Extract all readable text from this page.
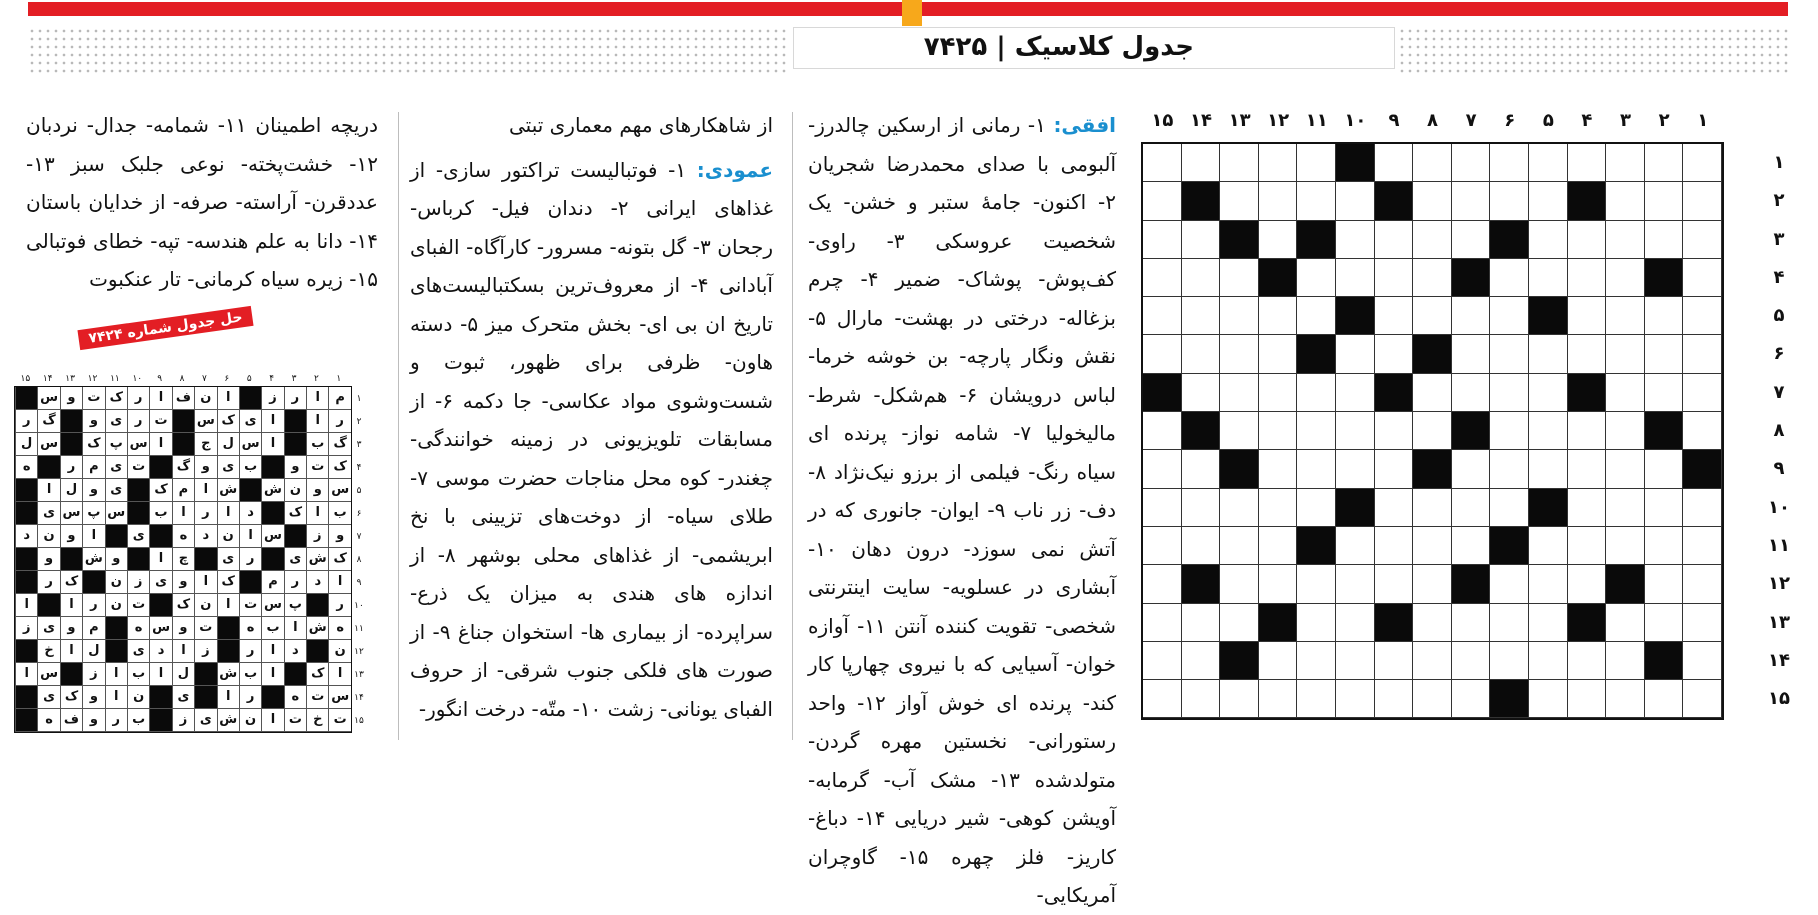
جدول کلاسیک | ۷۴۲۵
افقی: ۱- رمانی از ارسکین چالدرز- آلبومی با صدای محمدرضا شجریان ۲- اکنون- جامهٔ ستبر و خشن- یک شخصیت عروسکی ۳- راوی- کف‌پوش- پوشاک- ضمیر ۴- چرم بزغاله- درختی در بهشت- مارال ۵- نقش ونگار پارچه- بن خوشه خرما- لباس درویشان ۶- هم‌شکل- شرط- مالیخولیا ۷- شامه نواز- پرنده ای سیاه رنگ- فیلمی از برزو نیک‌نژاد ۸- دف- زر ناب ۹- ایوان- جانوری که در آتش نمی سوزد- درون دهان ۱۰- آبشاری در عسلویه- سایت اینترنتی شخصی- تقویت کننده آنتن ۱۱- آوازه خوان- آسیایی که با نیروی چهارپا کار کند- پرنده ای خوش آواز ۱۲- واحد رستورانی- نخستین مهره گردن- متولدشده ۱۳- مشک آب- گرمابه- آویشن کوهی- شیر دریایی ۱۴- دباغ- کاریز- فلز چهره ۱۵- گاوچران آمریکایی-
از شاهکارهای مهم معماری تبتی
عمودی: ۱- فوتبالیست تراکتور سازی- از غذاهای ایرانی ۲- دندان فیل- کرباس- رجحان ۳- گل بتونه- مسرور- کارآگاه- الفبای آبادانی ۴- از معروف‌ترین بسکتبالیست‌های تاریخ ان بی ای- بخش متحرک میز ۵- دسته هاون- ظرفی برای ظهور، ثبوت و شست‌وشوی مواد عکاسی- جا دکمه ۶- از مسابقات تلویزیونی در زمینه خوانندگی- چغندر- کوه محل مناجات حضرت موسی ۷- طلای سیاه- از دوخت‌های تزیینی با نخ ابریشمی- از غذاهای محلی بوشهر ۸- از اندازه های هندی به میزان یک ذرع- سراپرده- از بیماری ها- استخوان جناغ ۹- از صورت های فلکی جنوب شرقی- از حروف الفبای یونانی- زشت ۱۰- متّه- درخت انگور-
دریچه اطمینان ۱۱- شمامه- جدال- نردبان ۱۲- خشت‌پخته- نوعی جلبک سبز ۱۳- عددقرن- آراسته- صرفه- از خدایان باستان ۱۴- دانا به علم هندسه- تپه- خطای فوتبالی ۱۵- زیره سیاه کرمانی- تار عنکبوت
حل جدول شماره ۷۴۲۴
۱
۲
۳
۴
۵
۶
۷
۸
۹
۱۰
۱۱
۱۲
۱۳
۱۴
۱۵
م
ا
ر
ز
ا
ن
ف
ا
ر
ک
ت
و
س
ر
ا
ا
ی
ک
س
ت
ر
ی
و
گ
ر
گ
ب
ا
س
ل
ج
ا
س
پ
ک
س
ل
ک
ت
و
ب
ی
و
گ
ت
ی
م
ر
ه
س
و
ن
ش
ش
ا
م
ک
ی
و
ل
ا
ب
ا
ک
د
ا
ر
ا
ب
س
پ
س
ی
و
ز
س
ا
ن
د
ه
ی
ا
و
ن
د
ک
ش
ی
ر
ی
چ
ا
و
ش
و
ا
د
ر
م
ک
ا
و
ی
ز
ن
ک
ر
ر
پ
س
ت
ا
ن
ک
ت
ن
ر
ا
ا
ه
ش
ا
ب
ه
ت
و
س
ه
م
و
ی
ز
ن
د
ا
ر
ز
ا
د
ی
ل
ا
خ
ا
ک
ا
ب
ش
ل
ا
ب
ا
ز
س
ا
س
ت
ه
ر
ا
ی
ن
ا
و
ک
ی
ت
خ
ت
ا
ن
ش
ی
ز
ب
ر
و
ف
ه
۱
۲
۳
۴
۵
۶
۷
۸
۹
۱۰
۱۱
۱۲
۱۳
۱۴
۱۵
۱
۲
۳
۴
۵
۶
۷
۸
۹
۱۰
۱۱
۱۲
۱۳
۱۴
۱۵
۱
۲
۳
۴
۵
۶
۷
۸
۹
۱۰
۱۱
۱۲
۱۳
۱۴
۱۵
